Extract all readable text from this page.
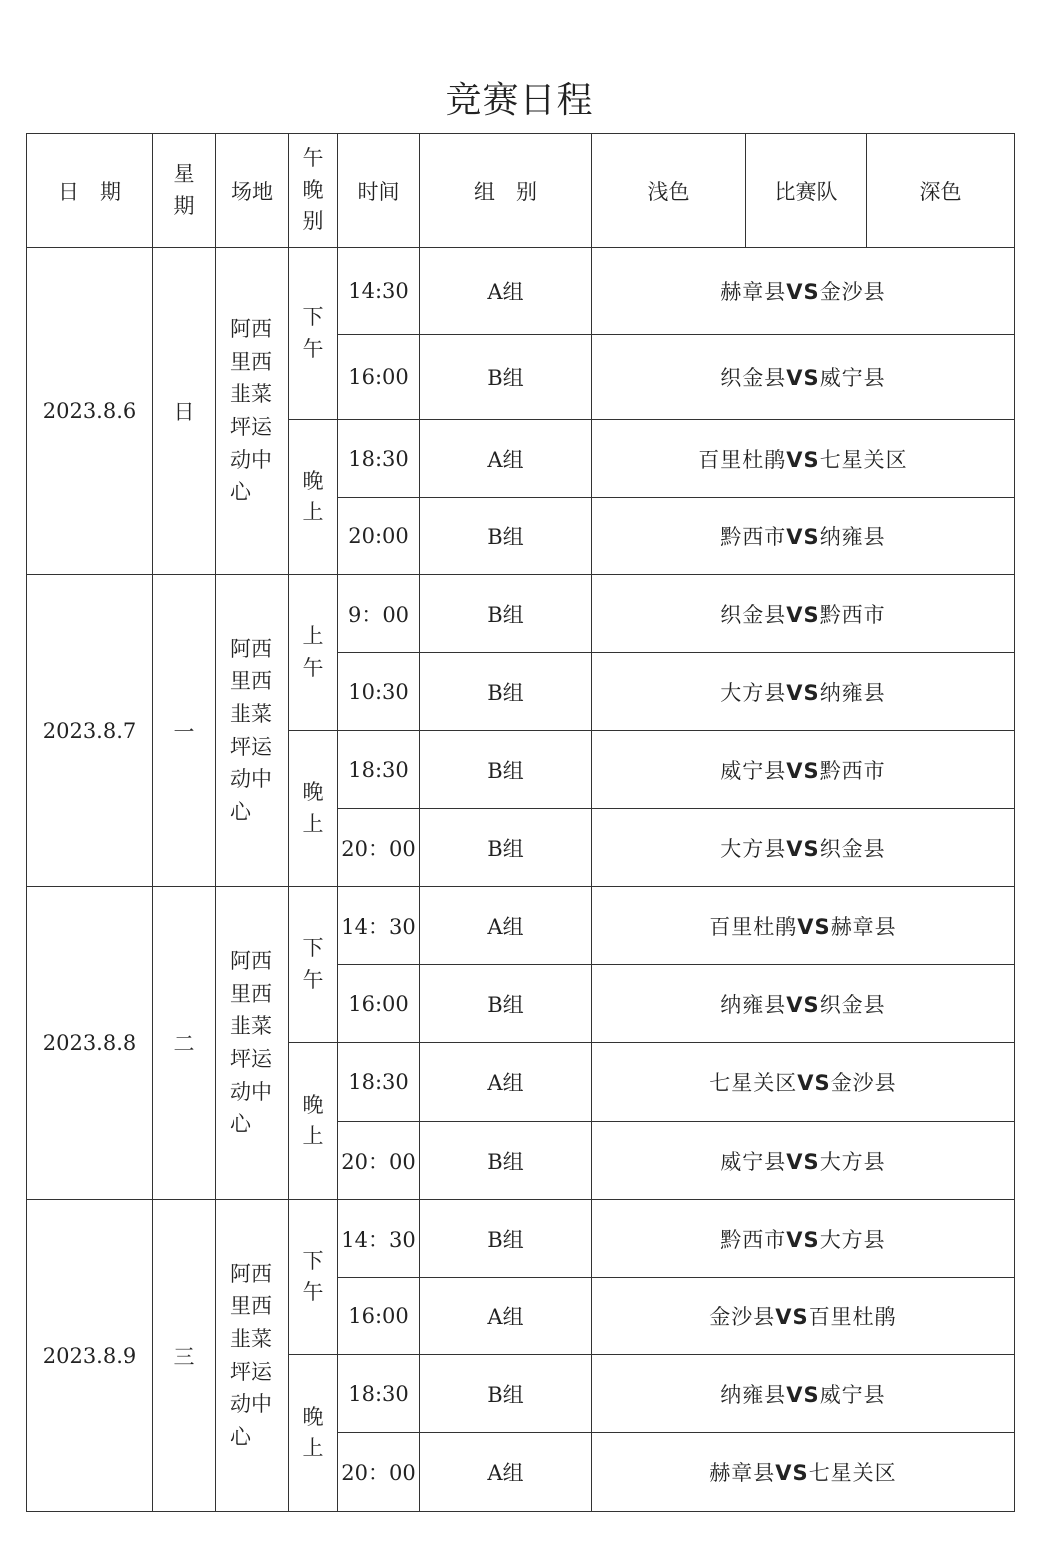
竞赛日程
日　期	星期	场地	午晚别	时间	组　别	浅色	比赛队	深色
2023.8.6	日	阿西里西韭菜坪运动中心	下午	14:30	A组	赫章县VS金沙县		
				16:00	B组	织金县VS威宁县		
			晚上	18:30	A组	百里杜鹃VS七星关区		
				20:00	B组	黔西市VS纳雍县		
2023.8.7	一	阿西里西韭菜坪运动中心	上午	9：00	B组	织金县VS黔西市		
				10:30	B组	大方县VS纳雍县		
			晚上	18:30	B组	威宁县VS黔西市		
				20：00	B组	大方县VS织金县		
2023.8.8	二	阿西里西韭菜坪运动中心	下午	14：30	A组	百里杜鹃VS赫章县		
				16:00	B组	纳雍县VS织金县		
			晚上	18:30	A组	七星关区VS金沙县		
				20：00	B组	威宁县VS大方县		
2023.8.9	三	阿西里西韭菜坪运动中心	下午	14：30	B组	黔西市VS大方县		
				16:00	A组	金沙县VS百里杜鹃		
			晚上	18:30	B组	纳雍县VS威宁县		
				20：00	A组	赫章县VS七星关区		
